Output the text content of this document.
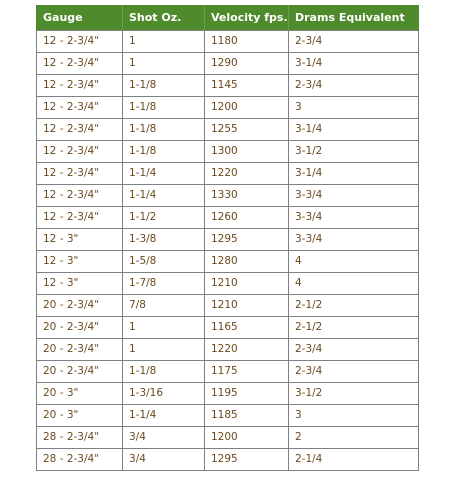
Gauge	Shot Oz.	Velocity fps.	Drams Equivalent
12 - 2-3/4"	1	1180	2-3/4
12 - 2-3/4"	1	1290	3-1/4
12 - 2-3/4"	1-1/8	1145	2-3/4
12 - 2-3/4"	1-1/8	1200	3
12 - 2-3/4"	1-1/8	1255	3-1/4
12 - 2-3/4"	1-1/8	1300	3-1/2
12 - 2-3/4"	1-1/4	1220	3-1/4
12 - 2-3/4"	1-1/4	1330	3-3/4
12 - 2-3/4"	1-1/2	1260	3-3/4
12 - 3"	1-3/8	1295	3-3/4
12 - 3"	1-5/8	1280	4
12 - 3"	1-7/8	1210	4
20 - 2-3/4"	7/8	1210	2-1/2
20 - 2-3/4"	1	1165	2-1/2
20 - 2-3/4"	1	1220	2-3/4
20 - 2-3/4"	1-1/8	1175	2-3/4
20 - 3"	1-3/16	1195	3-1/2
20 - 3"	1-1/4	1185	3
28 - 2-3/4"	3/4	1200	2
28 - 2-3/4"	3/4	1295	2-1/4
